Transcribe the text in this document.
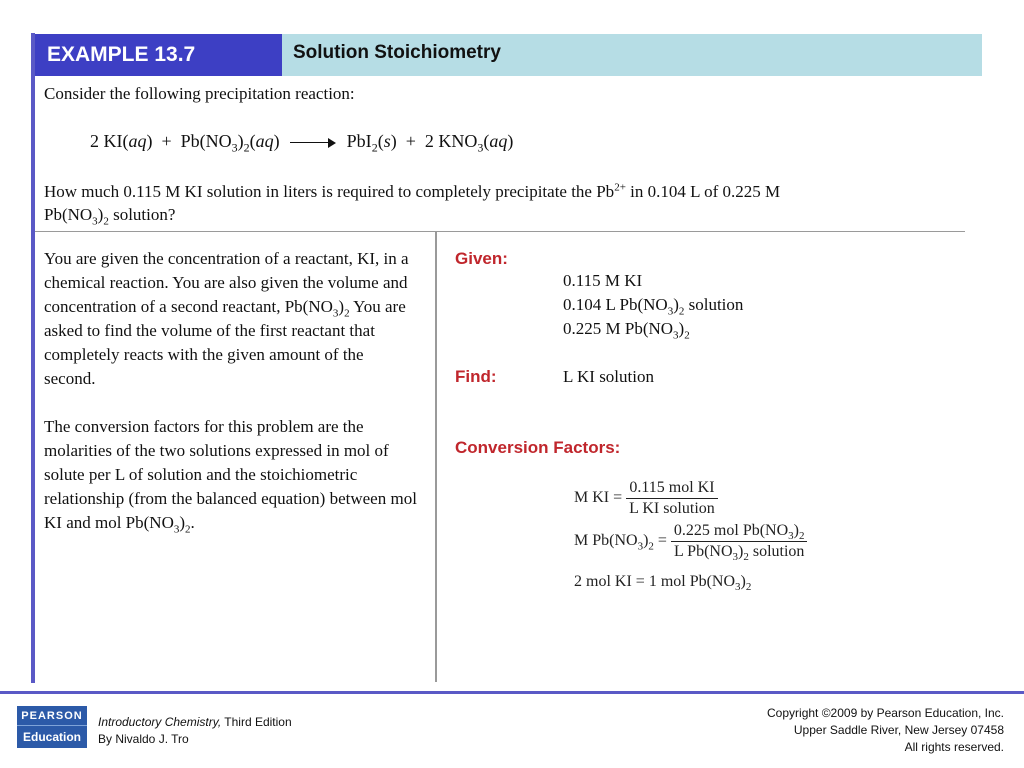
EXAMPLE 13.7	Solution Stoichiometry
Consider the following precipitation reaction:
2 $KI(aq) + Pb(NO_3)_2(aq)$	PbI$_2$(s) + 2 $KNO_3(aq)$
How much 0.115 M KI solution in liters is required to completely precipitate the $Pb^{2+}$ in 0.104 L of 0.225 M
$Pb(NO_3)_2$ solution?

You are given the concentration of a reactant, KI, in a chemical reaction. You are also given the volume and concentration of a second reactant, $Pb(NO_3)_2$ You are asked to find the volume of the first reactant that completely reacts with the given amount of the second.

The conversion factors for this problem are the molarities of the two solutions expressed in mol of solute per L of solution and the stoichiometric relationship (from the balanced equation) between mol KI and mol $Pb(NO_3)_2$.

Given:
0.115 M KI
0.104 L $Pb(NO_3)_2$ solution
0.225 M $Pb(NO_3)_2$
Find:	L KI solution
Conversion Factors:
M KI = $\frac{\text{0.115 mol KI}}{\text{L KI solution}}$
M $Pb(NO_3)_2 = \frac{0.225 mol Pb(NO_3)_2}{L Pb(NO_3)_2 solution}$
2 mol KI = 1 mol $Pb(NO_3)_2$
PEARSON
Education
Introductory Chemistry, Third Edition
By Nivaldo J. Tro
Copyright ©2009 by Pearson Education, Inc.
Upper Saddle River, New Jersey 07458
All rights reserved.
